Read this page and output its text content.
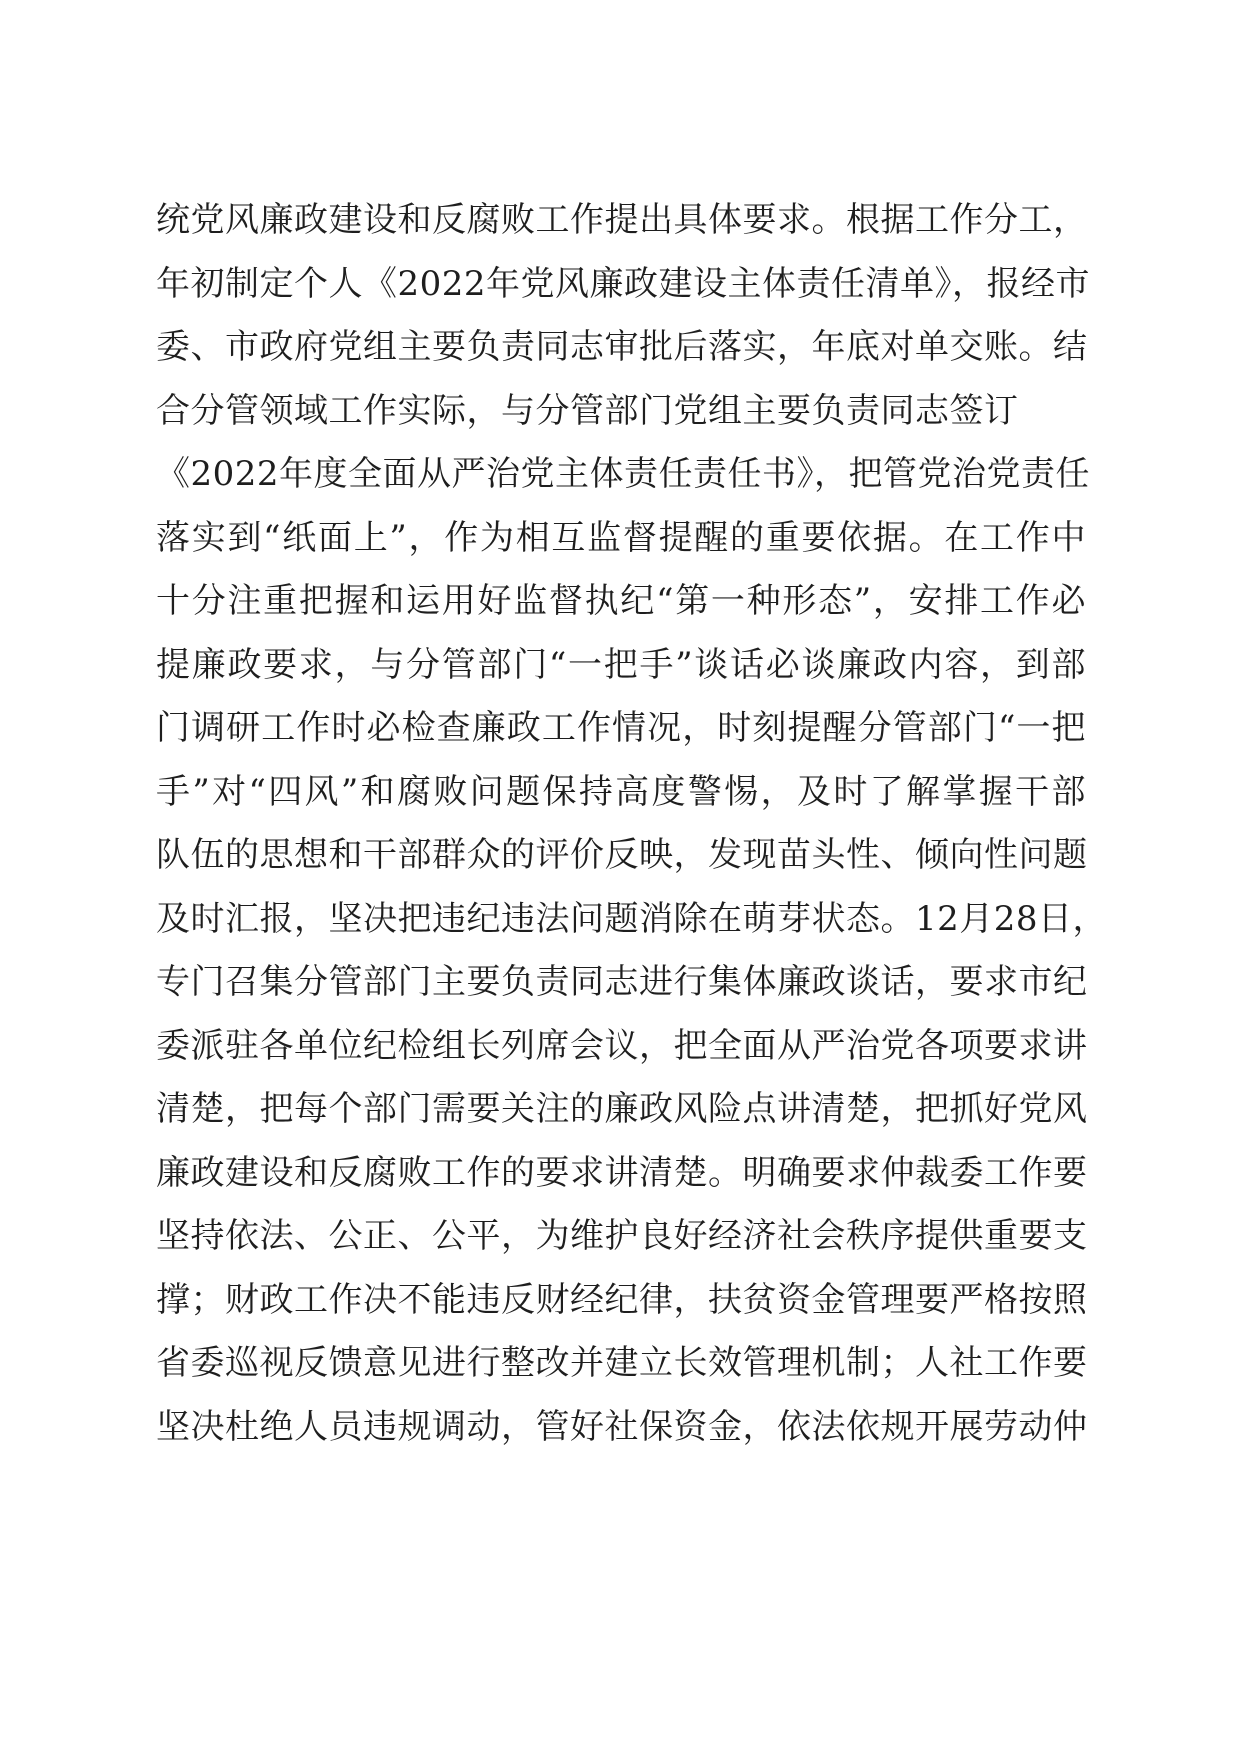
统党风廉政建设和反腐败工作提出具体要求。根据工作分工，
年初制定个人《2022年党风廉政建设主体责任清单》，报经市
委、市政府党组主要负责同志审批后落实，年底对单交账。结
合分管领域工作实际，与分管部门党组主要负责同志签订
《2022年度全面从严治党主体责任责任书》，把管党治党责任
落实到“纸面上”，作为相互监督提醒的重要依据。在工作中
十分注重把握和运用好监督执纪“第一种形态”，安排工作必
提廉政要求，与分管部门“一把手”谈话必谈廉政内容，到部
门调研工作时必检查廉政工作情况，时刻提醒分管部门“一把
手”对“四风”和腐败问题保持高度警惕，及时了解掌握干部
队伍的思想和干部群众的评价反映，发现苗头性、倾向性问题
及时汇报，坚决把违纪违法问题消除在萌芽状态。12月28日，
专门召集分管部门主要负责同志进行集体廉政谈话，要求市纪
委派驻各单位纪检组长列席会议，把全面从严治党各项要求讲
清楚，把每个部门需要关注的廉政风险点讲清楚，把抓好党风
廉政建设和反腐败工作的要求讲清楚。明确要求仲裁委工作要
坚持依法、公正、公平，为维护良好经济社会秩序提供重要支
撑；财政工作决不能违反财经纪律，扶贫资金管理要严格按照
省委巡视反馈意见进行整改并建立长效管理机制；人社工作要
坚决杜绝人员违规调动，管好社保资金，依法依规开展劳动仲
